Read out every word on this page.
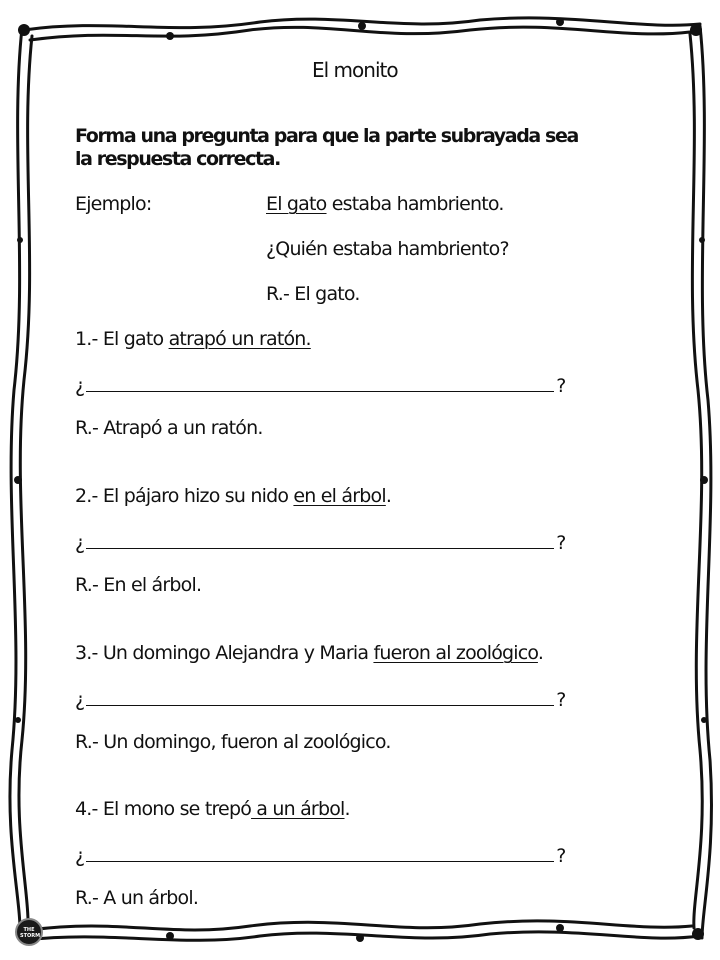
El monito
Forma una pregunta para que la parte subrayada sea
la respuesta correcta.
Ejemplo:	El gato estaba hambriento.
¿Quién estaba hambriento?
R.- El gato.
1.- El gato atrapó un ratón.
¿	?
R.- Atrapó a un ratón.
2.- El pájaro hizo su nido en el árbol.
¿	?
R.- En el árbol.
3.- Un domingo Alejandra y Maria fueron al zoológico.
¿	?
R.- Un domingo, fueron al zoológico.
4.- El mono se trepó a un árbol.
¿	?
R.- A un árbol.
THE
STORM
